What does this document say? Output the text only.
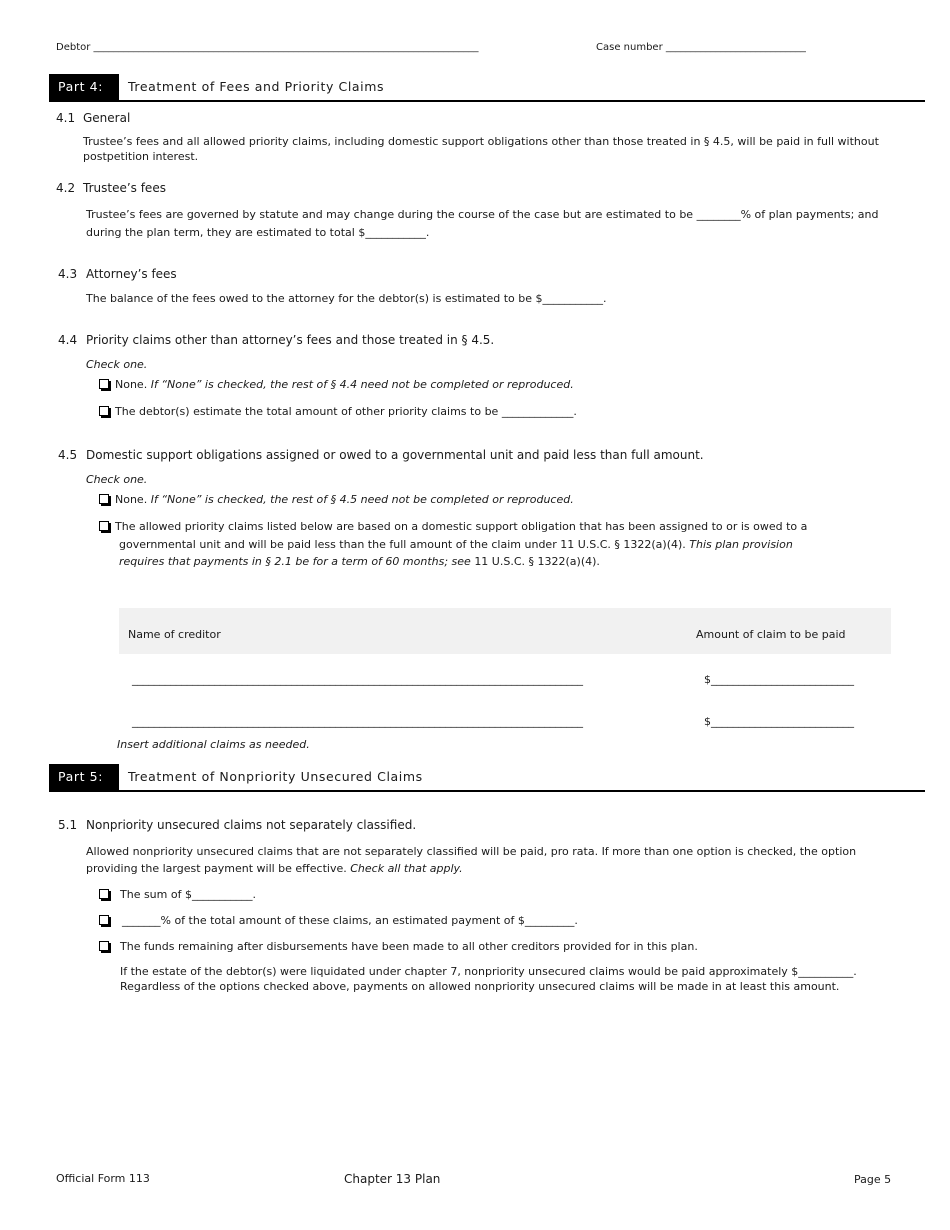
Debtor _____________________________________________________________________________	Case number ____________________________
Part 4:	Treatment of Fees and Priority Claims
4.1 General
Trustee’s fees and all allowed priority claims, including domestic support obligations other than those treated in § 4.5, will be paid in full without
postpetition interest.
4.2 Trustee’s fees
Trustee’s fees are governed by statute and may change during the course of the case but are estimated to be ________% of plan payments; and
during the plan term, they are estimated to total $___________.
4.3 Attorney’s fees
The balance of the fees owed to the attorney for the debtor(s) is estimated to be $___________.
4.4 Priority claims other than attorney’s fees and those treated in § 4.5.
Check one.
None. If “None” is checked, the rest of § 4.4 need not be completed or reproduced.
The debtor(s) estimate the total amount of other priority claims to be _____________.
4.5 Domestic support obligations assigned or owed to a governmental unit and paid less than full amount.
Check one.
None. If “None” is checked, the rest of § 4.5 need not be completed or reproduced.
The allowed priority claims listed below are based on a domestic support obligation that has been assigned to or is owed to a
governmental unit and will be paid less than the full amount of the claim under 11 U.S.C. § 1322(a)(4). This plan provision
requires that payments in § 2.1 be for a term of 60 months; see 11 U.S.C. § 1322(a)(4).
Name of creditor	Amount of claim to be paid
__________________________________________________________________________________	$__________________________
__________________________________________________________________________________	$__________________________
Insert additional claims as needed.
Part 5:	Treatment of Nonpriority Unsecured Claims
5.1 Nonpriority unsecured claims not separately classified.
Allowed nonpriority unsecured claims that are not separately classified will be paid, pro rata. If more than one option is checked, the option
providing the largest payment will be effective. Check all that apply.
The sum of $___________.
_______% of the total amount of these claims, an estimated payment of $_________.
The funds remaining after disbursements have been made to all other creditors provided for in this plan.
If the estate of the debtor(s) were liquidated under chapter 7, nonpriority unsecured claims would be paid approximately $__________.
Regardless of the options checked above, payments on allowed nonpriority unsecured claims will be made in at least this amount.
Official Form 113	Chapter 13 Plan	Page 5
